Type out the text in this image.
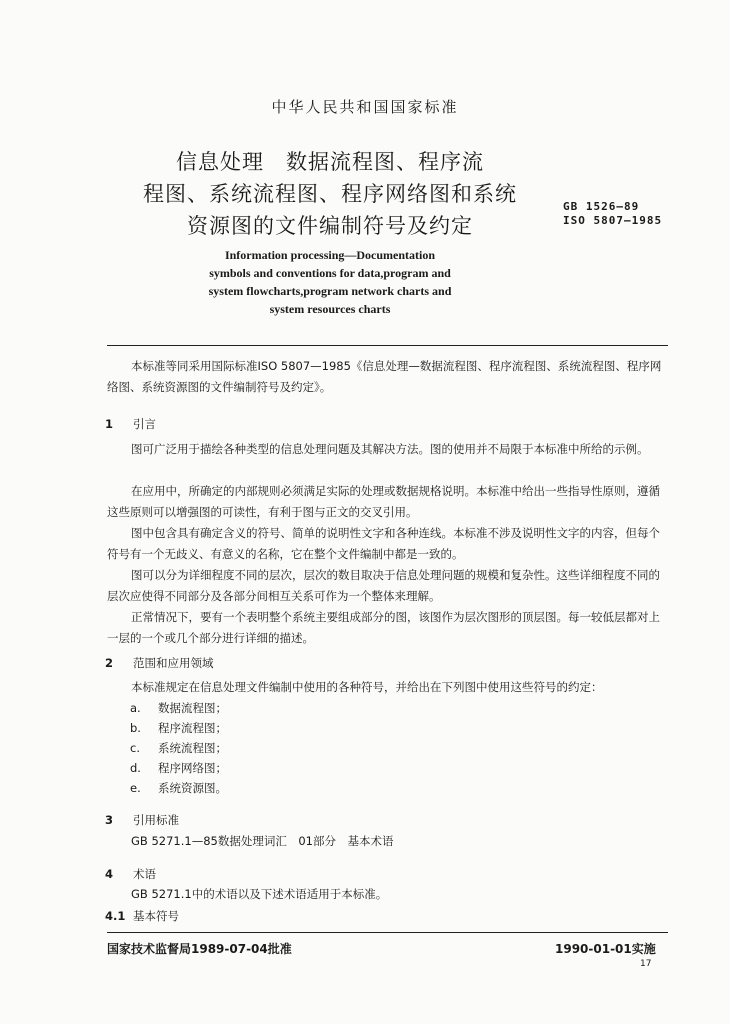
中华人民共和国国家标准
信息处理　数据流程图、程序流
程图、系统流程图、程序网络图和系统
资源图的文件编制符号及约定
GB 1526—89
ISO 5807—1985
Information processing—Documentation
symbols and conventions for data,program and
system flowcharts,program network charts and
system resources charts
本标准等同采用国际标准ISO 5807—1985《信息处理—数据流程图、程序流程图、系统流程图、程序网络图、系统资源图的文件编制符号及约定》。
1 引言
图可广泛用于描绘各种类型的信息处理问题及其解决方法。图的使用并不局限于本标准中所给的示例。
在应用中，所确定的内部规则必须满足实际的处理或数据规格说明。本标准中给出一些指导性原则，遵循这些原则可以增强图的可读性，有利于图与正文的交叉引用。
图中包含具有确定含义的符号、简单的说明性文字和各种连线。本标准不涉及说明性文字的内容，但每个符号有一个无歧义、有意义的名称，它在整个文件编制中都是一致的。
图可以分为详细程度不同的层次，层次的数目取决于信息处理问题的规模和复杂性。这些详细程度不同的层次应使得不同部分及各部分间相互关系可作为一个整体来理解。
正常情况下，要有一个表明整个系统主要组成部分的图，该图作为层次图形的顶层图。每一较低层都对上一层的一个或几个部分进行详细的描述。
2 范围和应用领域
本标准规定在信息处理文件编制中使用的各种符号，并给出在下列图中使用这些符号的约定：
a. 数据流程图；
b. 程序流程图；
c. 系统流程图；
d. 程序网络图；
e. 系统资源图。
3 引用标准
GB 5271.1—85数据处理词汇　01部分　基本术语
4 术语
GB 5271.1中的术语以及下述术语适用于本标准。
4.1 基本符号
国家技术监督局1989-07-04批准	1990-01-01实施
17
